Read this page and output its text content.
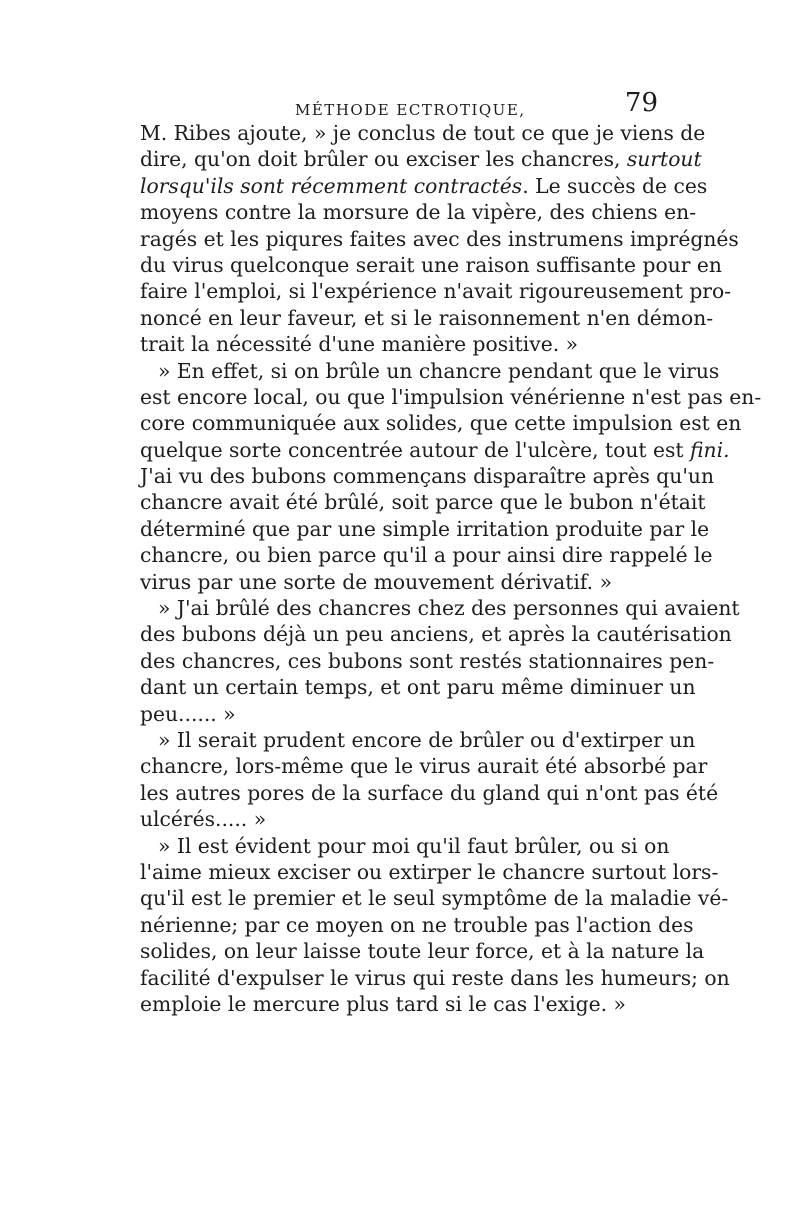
MÉTHODE ECTROTIQUE,	79
M. Ribes ajoute, » je conclus de tout ce que je viens de
dire, qu'on doit brûler ou exciser les chancres, surtout
lorsqu'ils sont récemment contractés. Le succès de ces
moyens contre la morsure de la vipère, des chiens en-
ragés et les piqures faites avec des instrumens imprégnés
du virus quelconque serait une raison suffisante pour en
faire l'emploi, si l'expérience n'avait rigoureusement pro-
noncé en leur faveur, et si le raisonnement n'en démon-
trait la nécessité d'une manière positive. »
» En effet, si on brûle un chancre pendant que le virus
est encore local, ou que l'impulsion vénérienne n'est pas en-
core communiquée aux solides, que cette impulsion est en
quelque sorte concentrée autour de l'ulcère, tout est fini.
J'ai vu des bubons commençans disparaître après qu'un
chancre avait été brûlé, soit parce que le bubon n'était
déterminé que par une simple irritation produite par le
chancre, ou bien parce qu'il a pour ainsi dire rappelé le
virus par une sorte de mouvement dérivatif. »
» J'ai brûlé des chancres chez des personnes qui avaient
des bubons déjà un peu anciens, et après la cautérisation
des chancres, ces bubons sont restés stationnaires pen-
dant un certain temps, et ont paru même diminuer un
peu...... »
» Il serait prudent encore de brûler ou d'extirper un
chancre, lors-même que le virus aurait été absorbé par
les autres pores de la surface du gland qui n'ont pas été
ulcérés..... »
» Il est évident pour moi qu'il faut brûler, ou si on
l'aime mieux exciser ou extirper le chancre surtout lors-
qu'il est le premier et le seul symptôme de la maladie vé-
nérienne; par ce moyen on ne trouble pas l'action des
solides, on leur laisse toute leur force, et à la nature la
facilité d'expulser le virus qui reste dans les humeurs; on
emploie le mercure plus tard si le cas l'exige. »
